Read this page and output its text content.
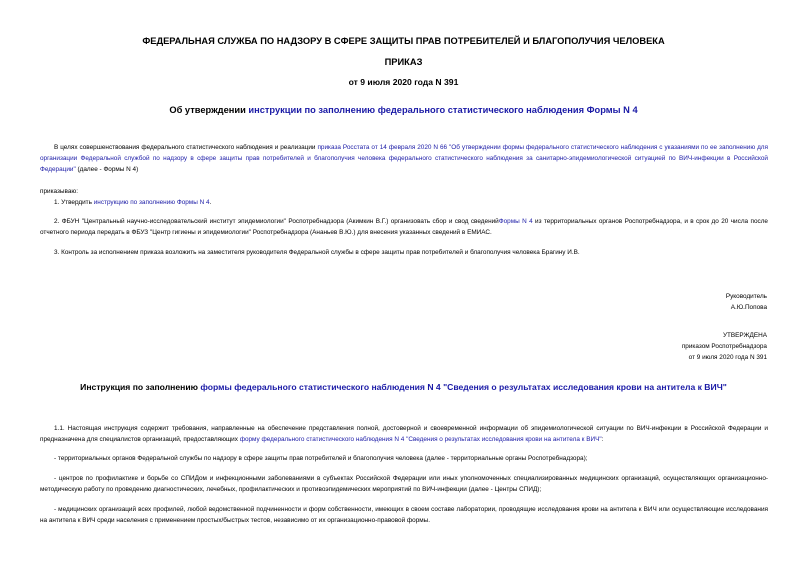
ФЕДЕРАЛЬНАЯ СЛУЖБА ПО НАДЗОРУ В СФЕРЕ ЗАЩИТЫ ПРАВ ПОТРЕБИТЕЛЕЙ И БЛАГОПОЛУЧИЯ ЧЕЛОВЕКА
ПРИКАЗ
от 9 июля 2020 года N 391
Об утверждении инструкции по заполнению федерального статистического наблюдения Формы N 4
В целях совершенствования федерального статистического наблюдения и реализации приказа Росстата от 14 февраля 2020 N 66 "Об утверждении формы федерального статистического наблюдения с указаниями по ее заполнению для организации Федеральной службой по надзору в сфере защиты прав потребителей и благополучия человека федерального статистического наблюдения за санитарно-эпидемиологической ситуацией по ВИЧ-инфекции в Российской Федерации" (далее - Формы N 4)
приказываю:
1. Утвердить инструкцию по заполнению Формы N 4.
2. ФБУН "Центральный научно-исследовательский институт эпидемиологии" Роспотребнадзора (Акимкин В.Г.) организовать сбор и свод сведенийФормы N 4 из территориальных органов Роспотребнадзора, и в срок до 20 числа после отчетного периода передать в ФБУЗ "Центр гигиены и эпидемиологии" Роспотребнадзора (Ананьев В.Ю.) для внесения указанных сведений в ЕМИАС.
3. Контроль за исполнением приказа возложить на заместителя руководителя Федеральной службы в сфере защиты прав потребителей и благополучия человека Брагину И.В.
Руководитель
А.Ю.Попова
УТВЕРЖДЕНА
приказом Роспотребнадзора
от 9 июля 2020 года N 391
Инструкция по заполнению формы федерального статистического наблюдения N 4 "Сведения о результатах исследования крови на антитела к ВИЧ"
1.1. Настоящая инструкция содержит требования, направленные на обеспечение представления полной, достоверной и своевременной информации об эпидемиологической ситуации по ВИЧ-инфекции в Российской Федерации и предназначена для специалистов организаций, предоставляющих форму федерального статистического наблюдения N 4 "Сведения о результатах исследования крови на антитела к ВИЧ":
- территориальных органов Федеральной службы по надзору в сфере защиты прав потребителей и благополучия человека (далее - территориальные органы Роспотребнадзора);
- центров по профилактике и борьбе со СПИДом и инфекционными заболеваниями в субъектах Российской Федерации или иных уполномоченных специализированных медицинских организаций, осуществляющих организационно-методическую работу по проведению диагностических, лечебных, профилактических и противоэпидемических мероприятий по ВИЧ-инфекции (далее - Центры СПИД);
- медицинских организаций всех профилей, любой ведомственной подчиненности и форм собственности, имеющих в своем составе лаборатории, проводящие исследования крови на антитела к ВИЧ или осуществляющие исследования на антитела к ВИЧ среди населения с применением простых/быстрых тестов, независимо от их организационно-правовой формы.
